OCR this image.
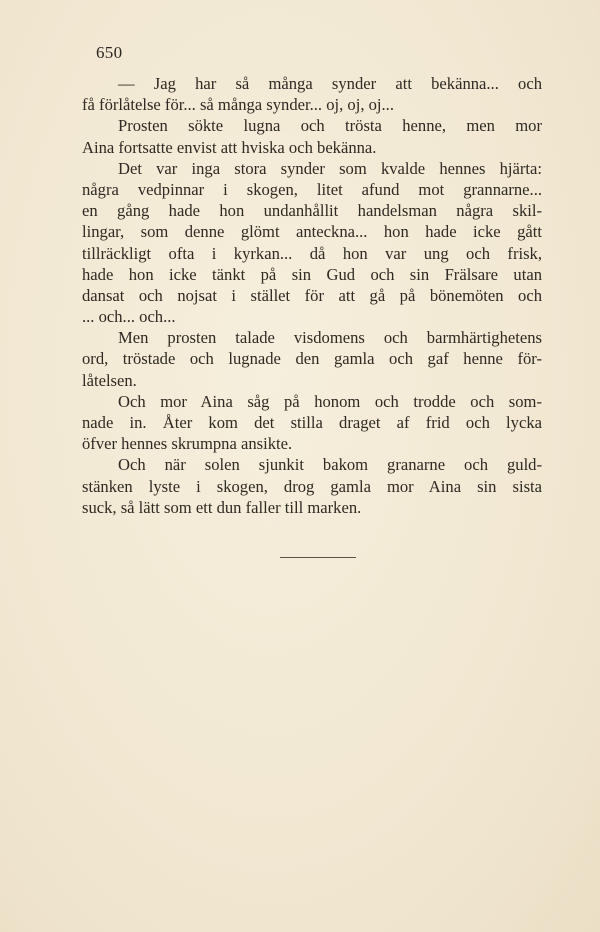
650
— Jag har så många synder att bekänna... och
få förlåtelse för... så många synder... oj, oj, oj...
Prosten sökte lugna och trösta henne, men mor
Aina fortsatte envist att hviska och bekänna.
Det var inga stora synder som kvalde hennes hjärta:
några vedpinnar i skogen, litet afund mot grannarne...
en gång hade hon undanhållit handelsman några skil-
lingar, som denne glömt anteckna... hon hade icke gått
tillräckligt ofta i kyrkan... då hon var ung och frisk,
hade hon icke tänkt på sin Gud och sin Frälsare utan
dansat och nojsat i stället för att gå på bönemöten och
... och... och...
Men prosten talade visdomens och barmhärtighetens
ord, tröstade och lugnade den gamla och gaf henne för-
låtelsen.
Och mor Aina såg på honom och trodde och som-
nade in. Åter kom det stilla draget af frid och lycka
öfver hennes skrumpna ansikte.
Och när solen sjunkit bakom granarne och guld-
stänken lyste i skogen, drog gamla mor Aina sin sista
suck, så lätt som ett dun faller till marken.
